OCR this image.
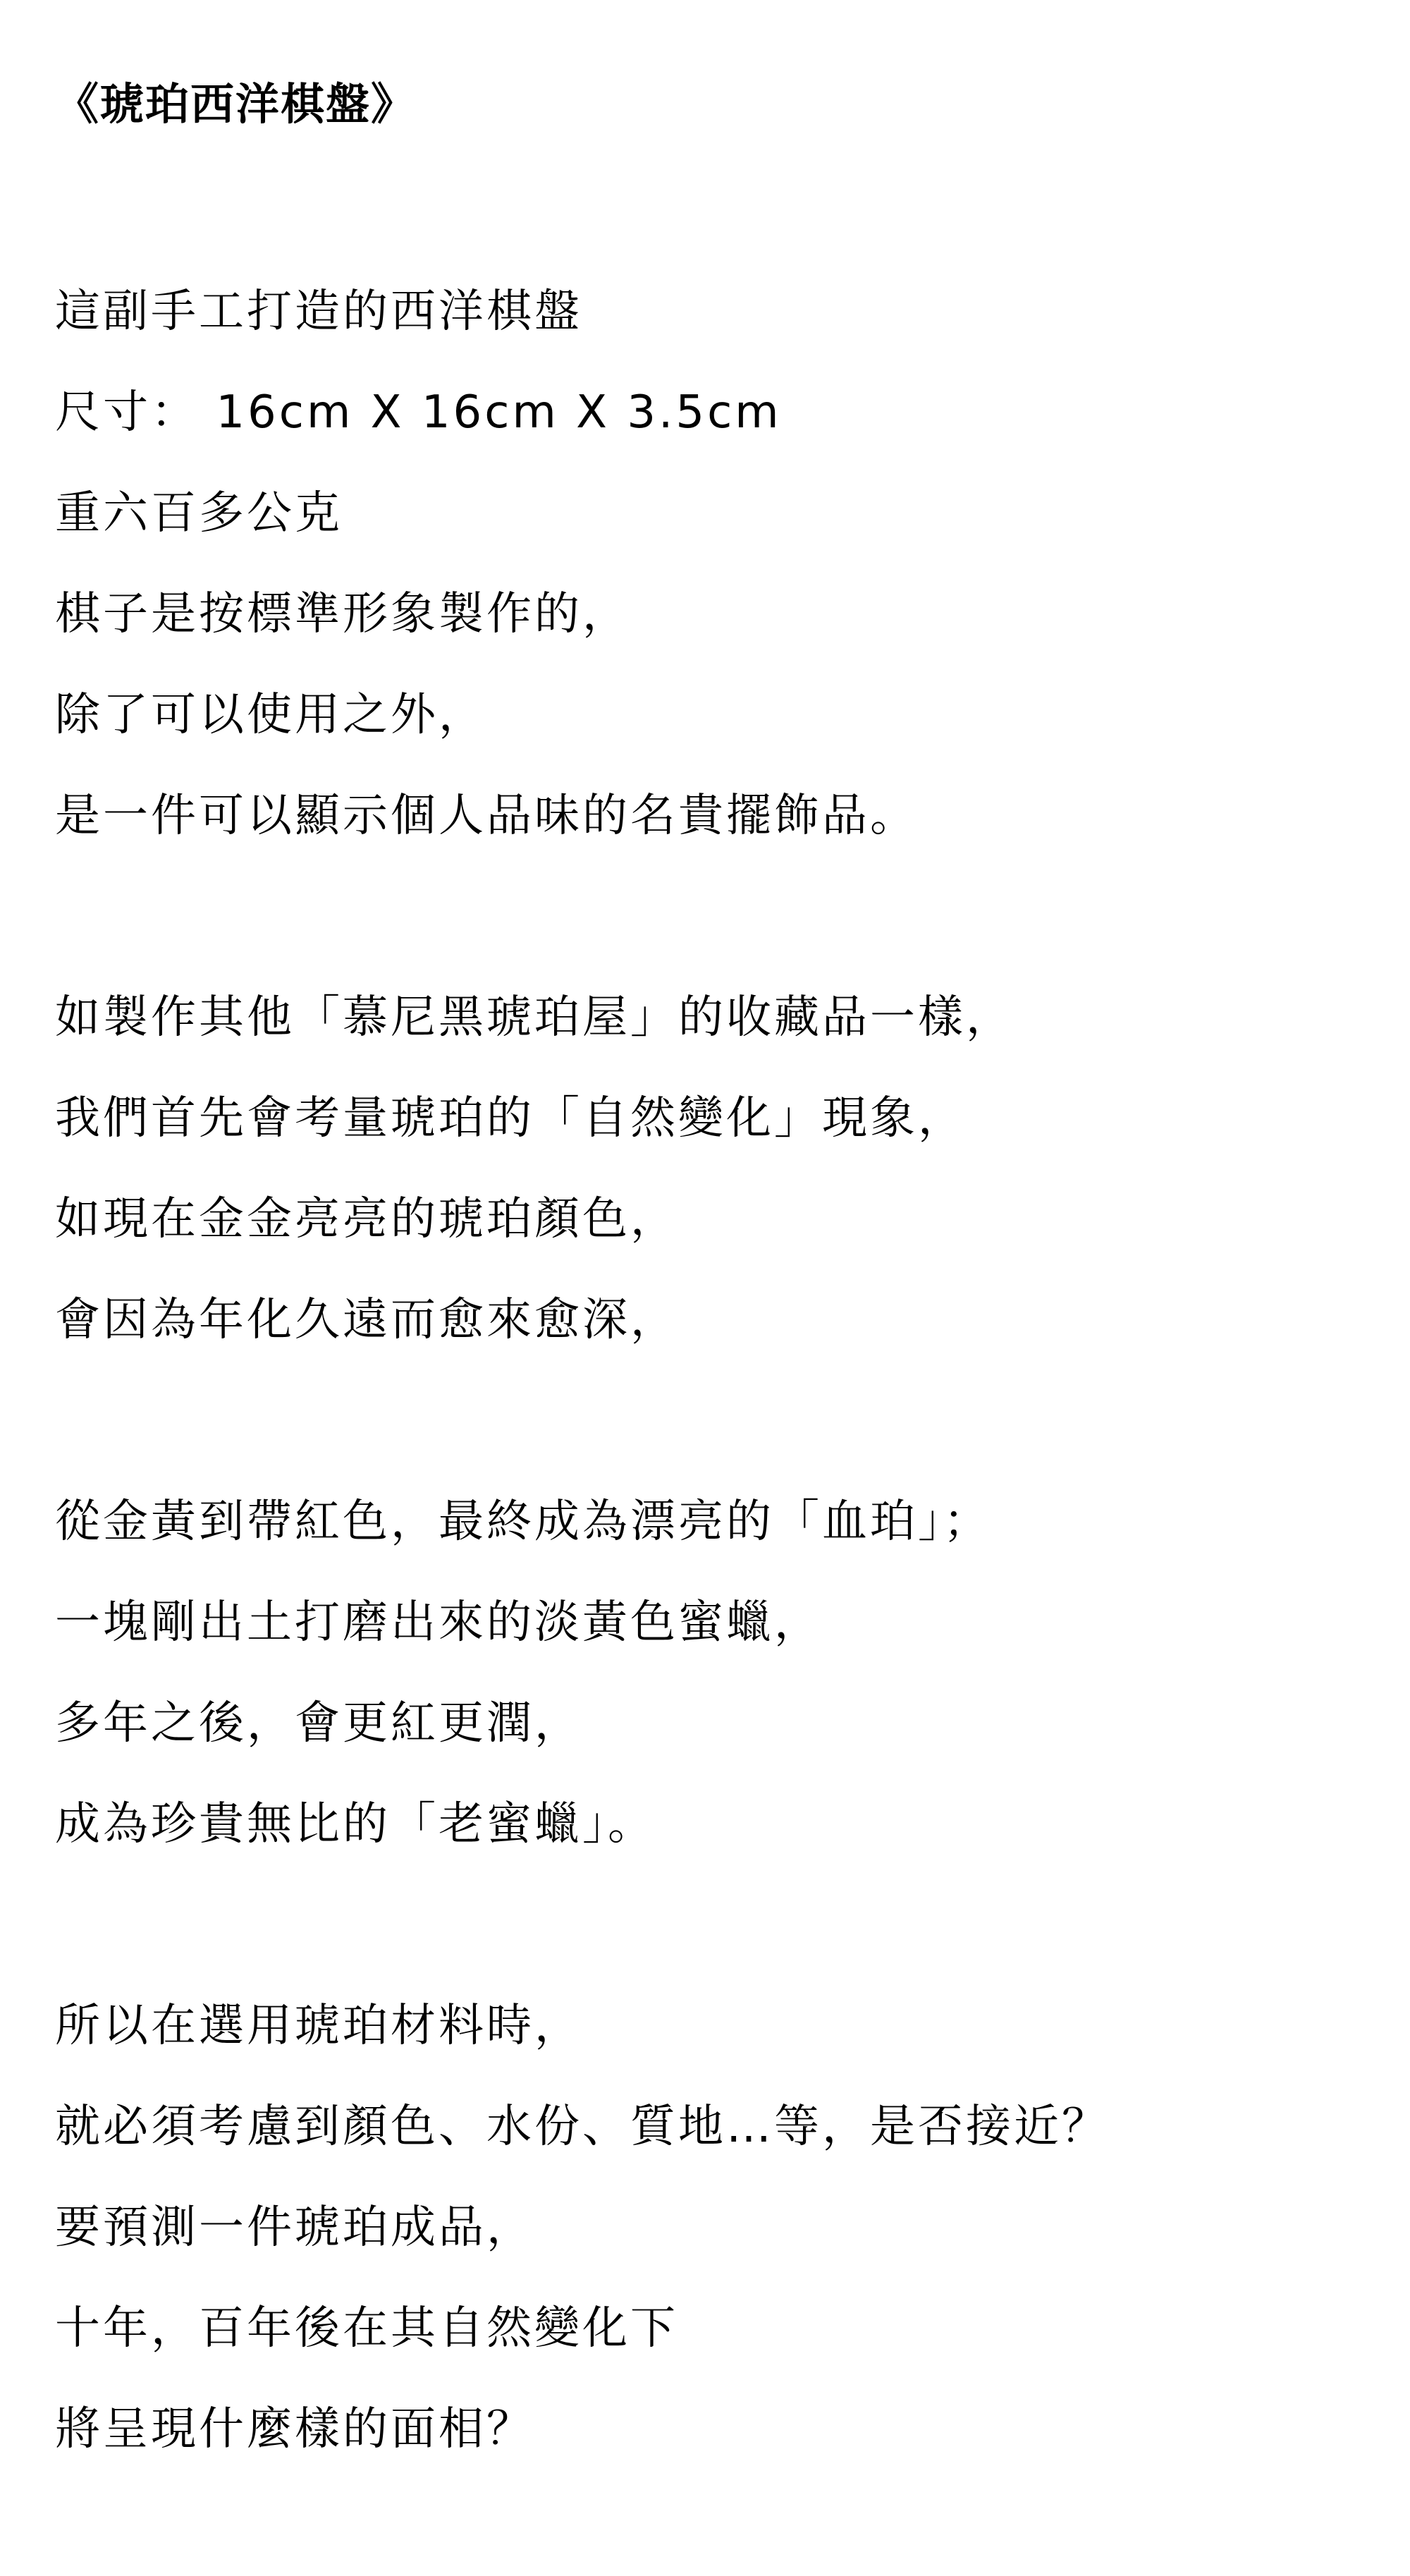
《琥珀西洋棋盤》
這副手工打造的西洋棋盤
尺寸： 16cm X 16cm X 3.5cm
重六百多公克
棋子是按標準形象製作的，
除了可以使用之外，
是一件可以顯示個人品味的名貴擺飾品。
如製作其他「慕尼黑琥珀屋」的收藏品一樣，
我們首先會考量琥珀的「自然變化」現象，
如現在金金亮亮的琥珀顏色，
會因為年化久遠而愈來愈深，
從金黃到帶紅色，最終成為漂亮的「血珀」；
一塊剛出土打磨出來的淡黃色蜜蠟，
多年之後，會更紅更潤，
成為珍貴無比的「老蜜蠟」。
所以在選用琥珀材料時，
就必須考慮到顏色、水份、質地…等，是否接近？
要預測一件琥珀成品，
十年，百年後在其自然變化下
將呈現什麼樣的面相？
